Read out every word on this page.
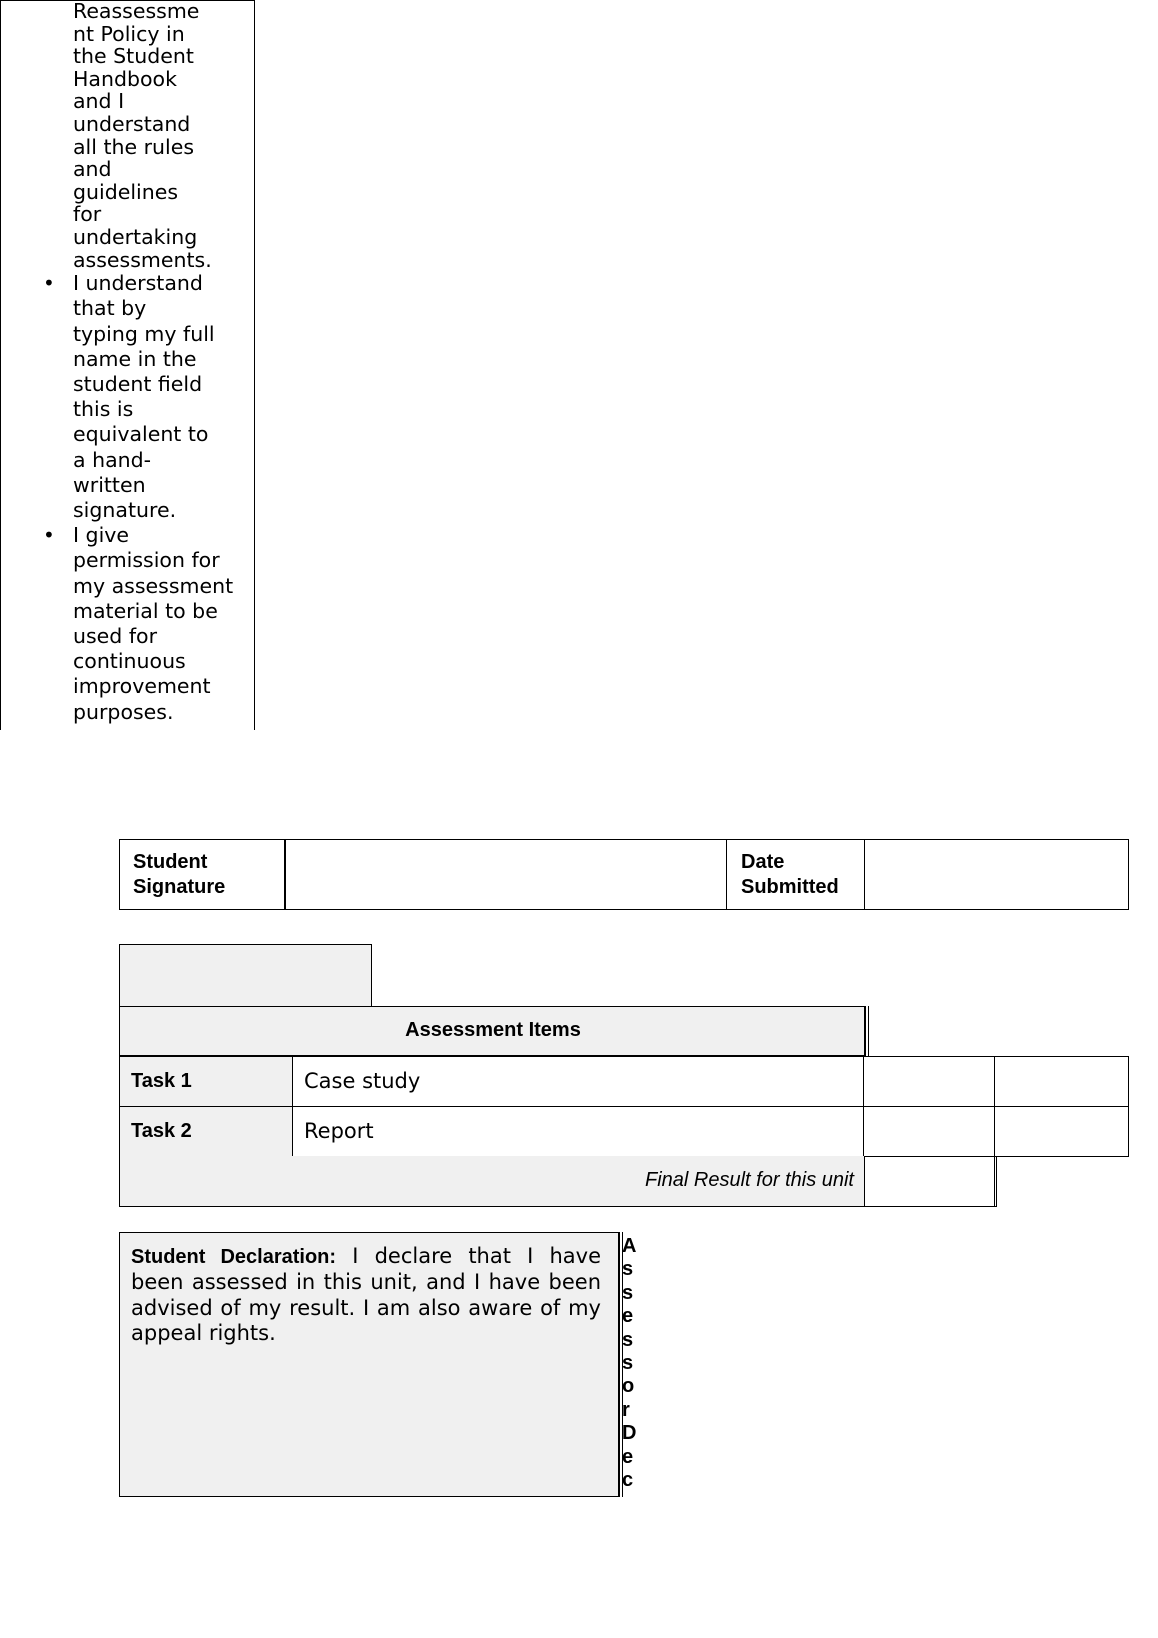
Reassessme
nt Policy in
the Student
Handbook
and I
understand
all the rules
and
guidelines
for
undertaking
assessments.
• I understand
that by
typing my full
name in the
student field
this is
equivalent to
a hand-
written
signature.
• I give
permission for
my assessment
material to be
used for
continuous
improvement
purposes.
Student
Signature
Date
Submitted
Assessment Items
Task 1	Case study
Task 2	Report
Final Result for this unit
Student Declaration: I declare that I have been assessed in this unit, and I have been advised of my result. I am also aware of my appeal rights.
AssessorDec
